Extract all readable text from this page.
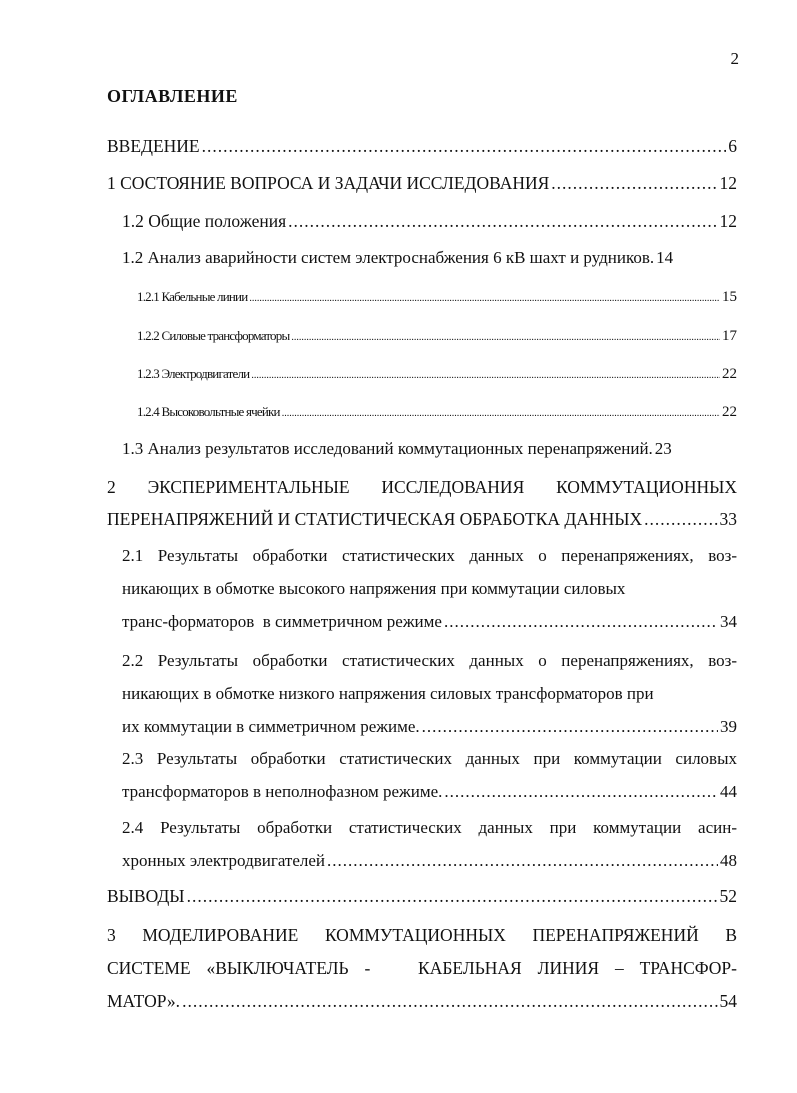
2
ОГЛАВЛЕНИЕ
ВВЕДЕНИЕ .....	6
1 СОСТОЯНИЕ ВОПРОСА И ЗАДАЧИ ИССЛЕДОВАНИЯ .....	12
1.2 Общие положения .....	12
1.2 Анализ аварийности систем электроснабжения 6 кВ шахт и рудников. 14
1.2.1 Кабельные линии .....	15
1.2.2 Силовые трансформаторы .....	17
1.2.3 Электродвигатели .....	22
1.2.4 Высоковольтные ячейки .....	22
1.3 Анализ результатов исследований коммутационных перенапряжений. 23
2 ЭКСПЕРИМЕНТАЛЬНЫЕ ИССЛЕДОВАНИЯ КОММУТАЦИОННЫХ
ПЕРЕНАПРЯЖЕНИЙ И СТАТИСТИЧЕСКАЯ ОБРАБОТКА ДАННЫХ .....	33
2.1 Результаты обработки статистических данных о перенапряжениях, воз-
никающих в обмотке высокого напряжения при коммутации силовых
транс-форматоров  в симметричном режиме .....	34
2.2 Результаты обработки статистических данных о перенапряжениях, воз-
никающих в обмотке низкого напряжения силовых трансформаторов при
их коммутации в симметричном режиме. .....	39
2.3 Результаты обработки статистических данных при коммутации силовых
трансформаторов в неполнофазном режиме. .....	44
2.4 Результаты обработки статистических данных при коммутации асин-
хронных электродвигателей .....	48
ВЫВОДЫ .....	52
3 МОДЕЛИРОВАНИЕ КОММУТАЦИОННЫХ ПЕРЕНАПРЯЖЕНИЙ В
СИСТЕМЕ «ВЫКЛЮЧАТЕЛЬ -   КАБЕЛЬНАЯ ЛИНИЯ – ТРАНСФОР-
МАТОР». .....	54
